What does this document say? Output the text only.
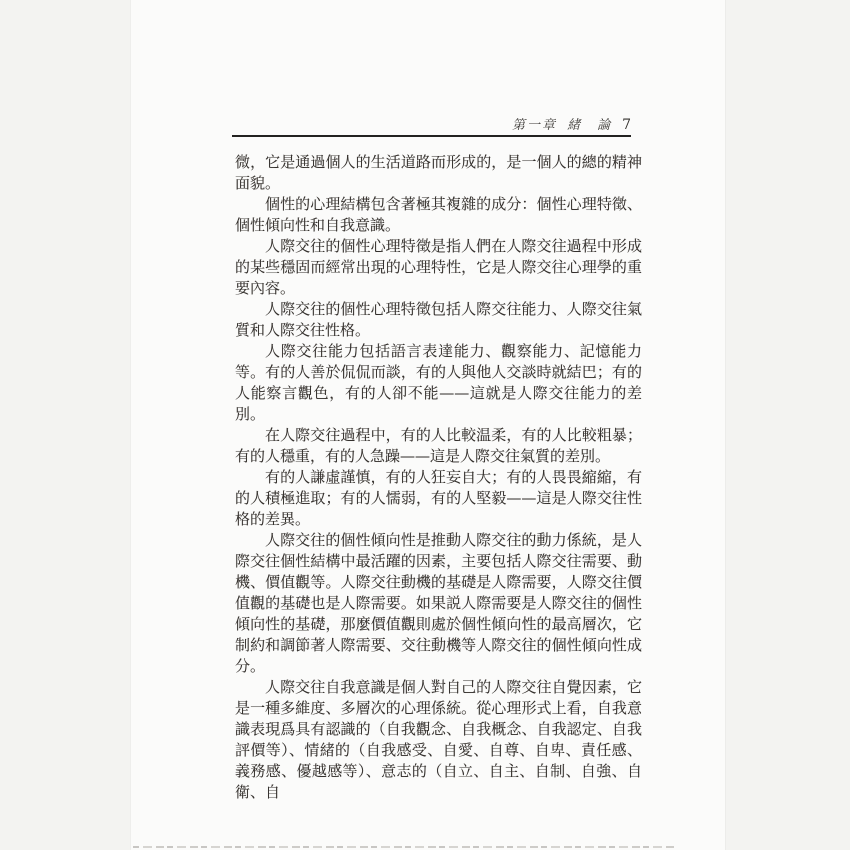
第一章 緒　論 7

微，它是通過個人的生活道路而形成的，是一個人的總的精神面貌。

個性的心理結構包含著極其複雜的成分：個性心理特徵、個性傾向性和自我意識。

人際交往的個性心理特徵是指人們在人際交往過程中形成的某些穩固而經常出現的心理特性，它是人際交往心理學的重要內容。

人際交往的個性心理特徵包括人際交往能力、人際交往氣質和人際交往性格。

人際交往能力包括語言表達能力、觀察能力、記憶能力等。有的人善於侃侃而談，有的人與他人交談時就結巴；有的人能察言觀色，有的人卻不能——這就是人際交往能力的差別。

在人際交往過程中，有的人比較温柔，有的人比較粗暴；有的人穩重，有的人急躁——這是人際交往氣質的差別。

有的人謙虛謹慎，有的人狂妄自大；有的人畏畏縮縮，有的人積極進取；有的人懦弱，有的人堅毅——這是人際交往性格的差異。

人際交往的個性傾向性是推動人際交往的動力係統，是人際交往個性結構中最活躍的因素，主要包括人際交往需要、動機、價值觀等。人際交往動機的基礎是人際需要，人際交往價值觀的基礎也是人際需要。如果説人際需要是人際交往的個性傾向性的基礎，那麼價值觀則處於個性傾向性的最高層次，它制約和調節著人際需要、交往動機等人際交往的個性傾向性成分。

人際交往自我意識是個人對自己的人際交往自覺因素，它是一種多維度、多層次的心理係統。從心理形式上看，自我意識表現爲具有認識的（自我觀念、自我概念、自我認定、自我評價等）、情緒的（自我感受、自愛、自尊、自卑、責任感、義務感、優越感等）、意志的（自立、自主、自制、自強、自衛、自
